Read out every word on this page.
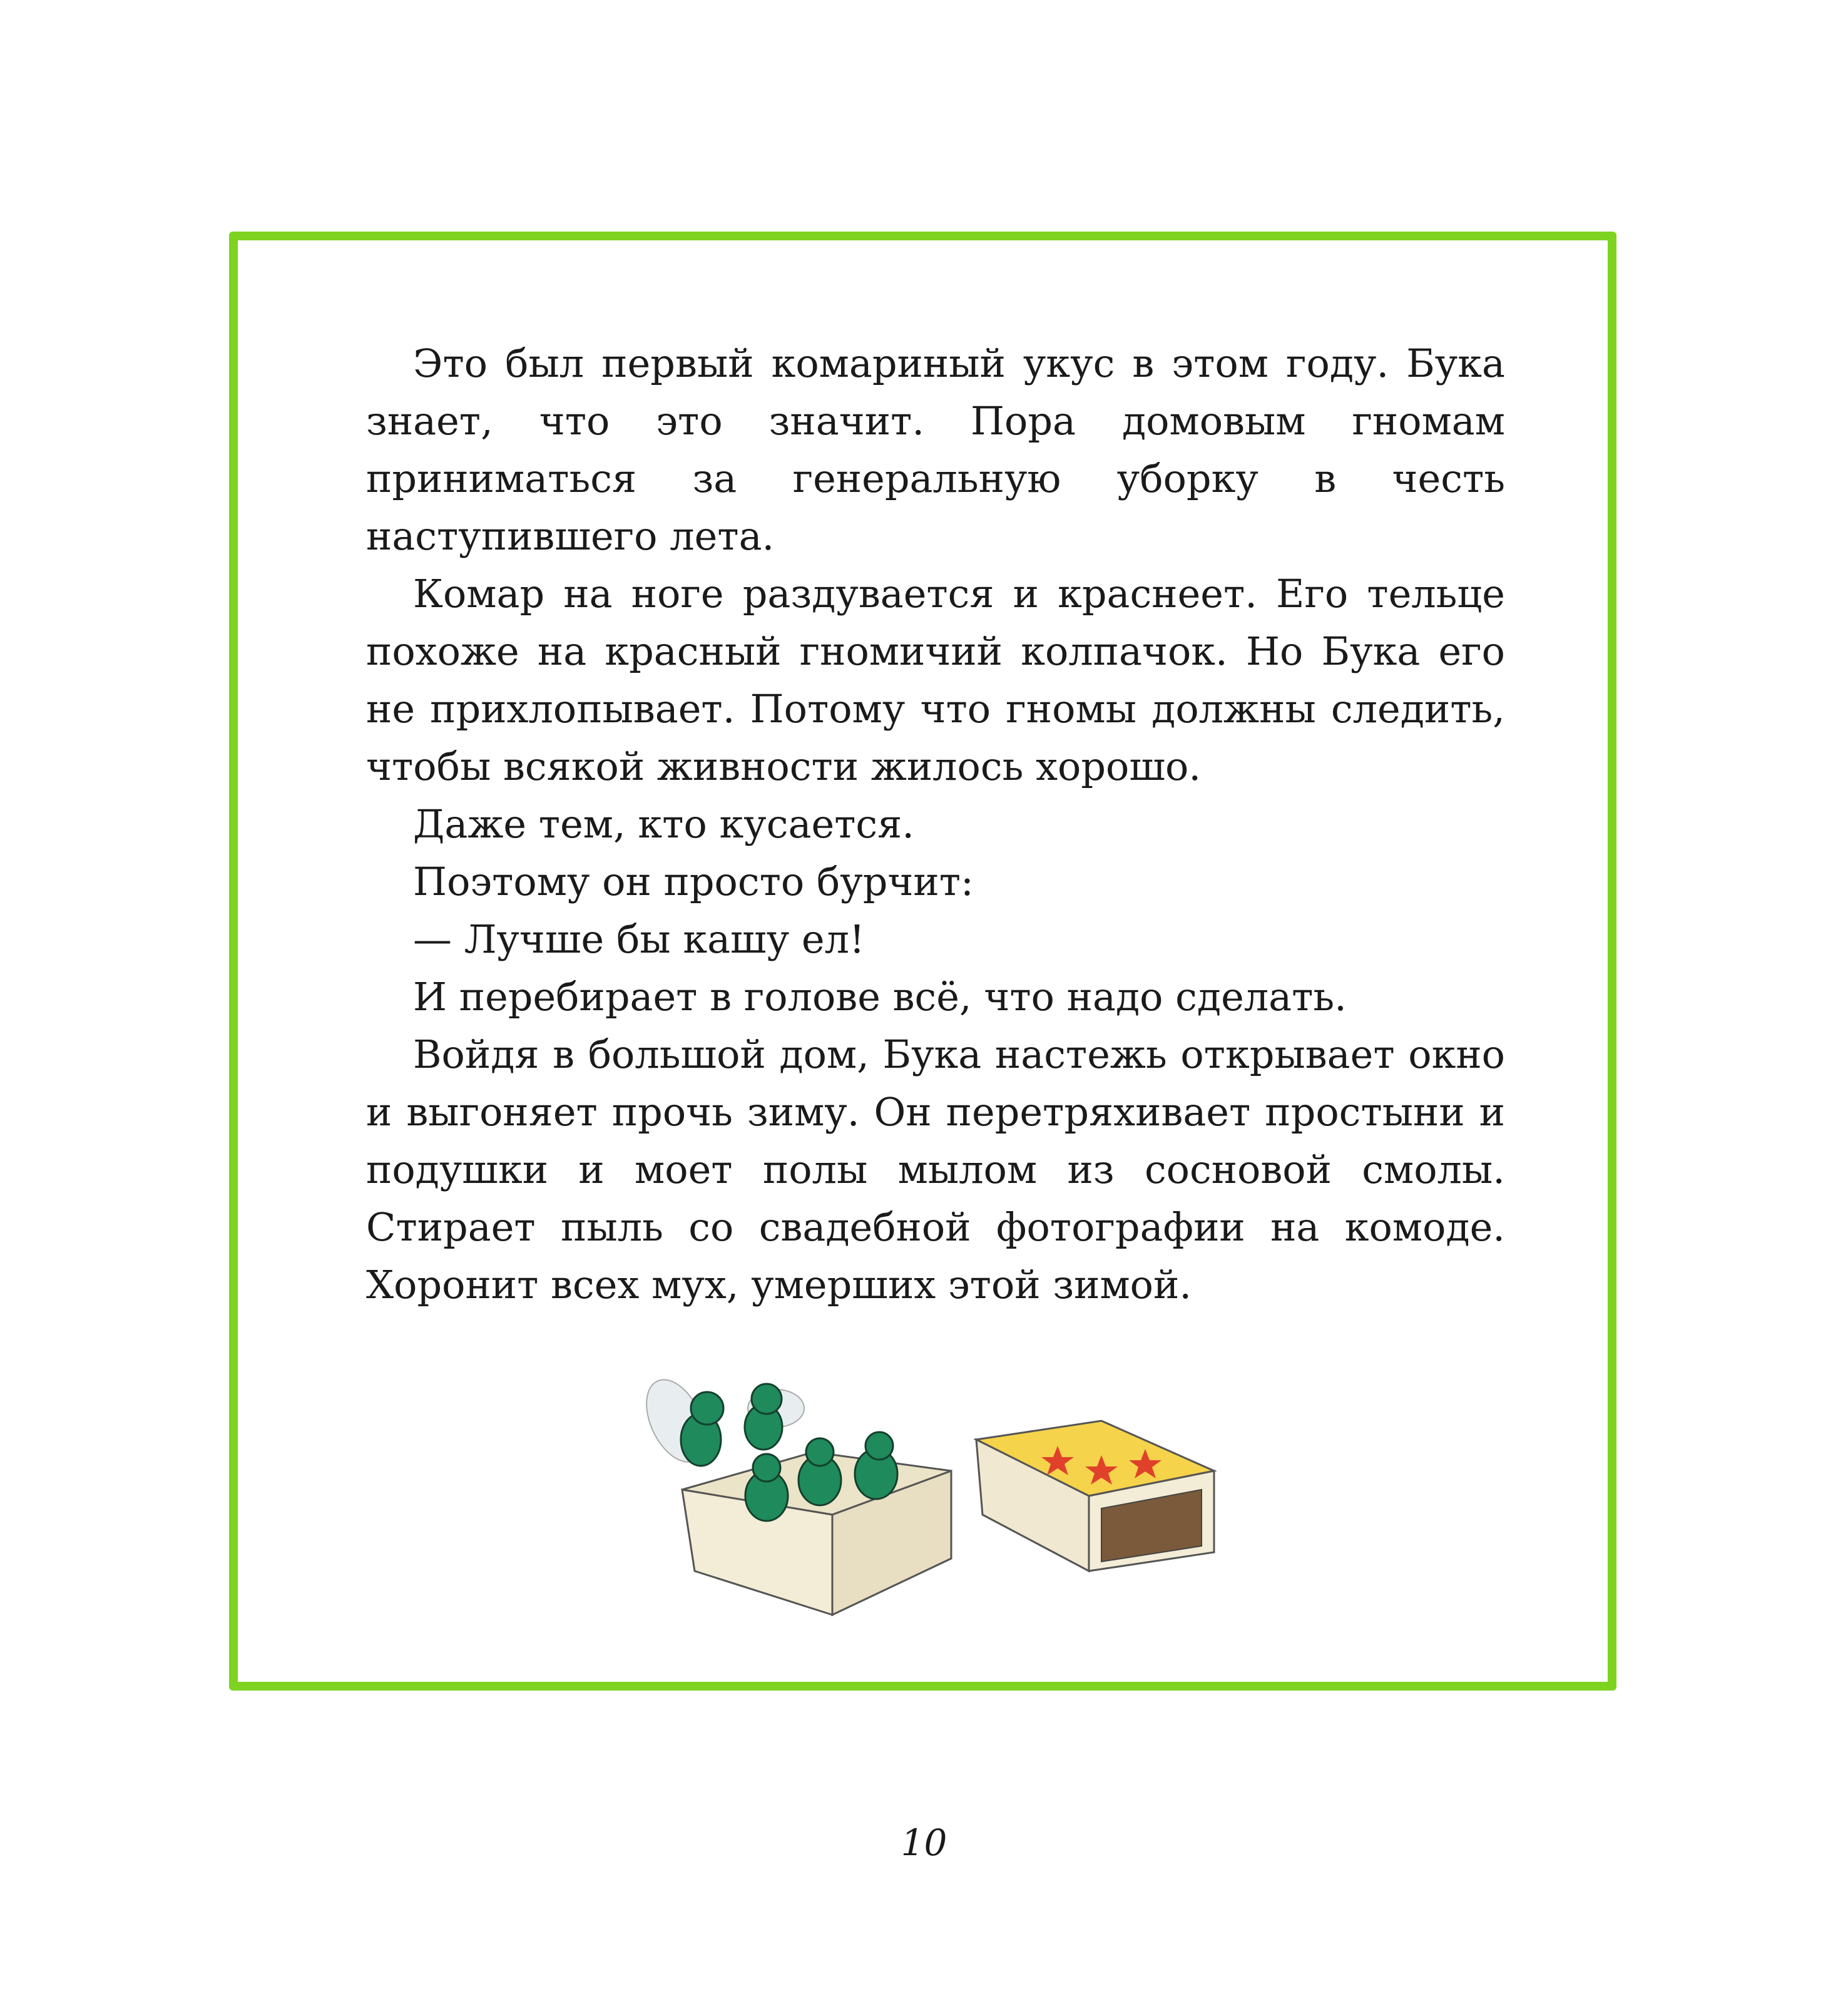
Это был первый комариный укус в этом году. Бука знает, что это значит. Пора домовым гномам приниматься за генеральную уборку в честь наступившего лета.

Комар на ноге раздувается и краснеет. Его тельце похоже на красный гномичий колпачок. Но Бука его не прихлопывает. Потому что гномы должны следить, чтобы всякой живности жилось хорошо.

Даже тем, кто кусается.

Поэтому он просто бурчит:

— Лучше бы кашу ел!

И перебирает в голове всё, что надо сделать.

Войдя в большой дом, Бука настежь открывает окно и выгоняет прочь зиму. Он перетряхивает простыни и подушки и моет полы мылом из сосновой смолы. Стирает пыль со свадебной фотографии на комоде. Хоронит всех мух, умерших этой зимой.

10
